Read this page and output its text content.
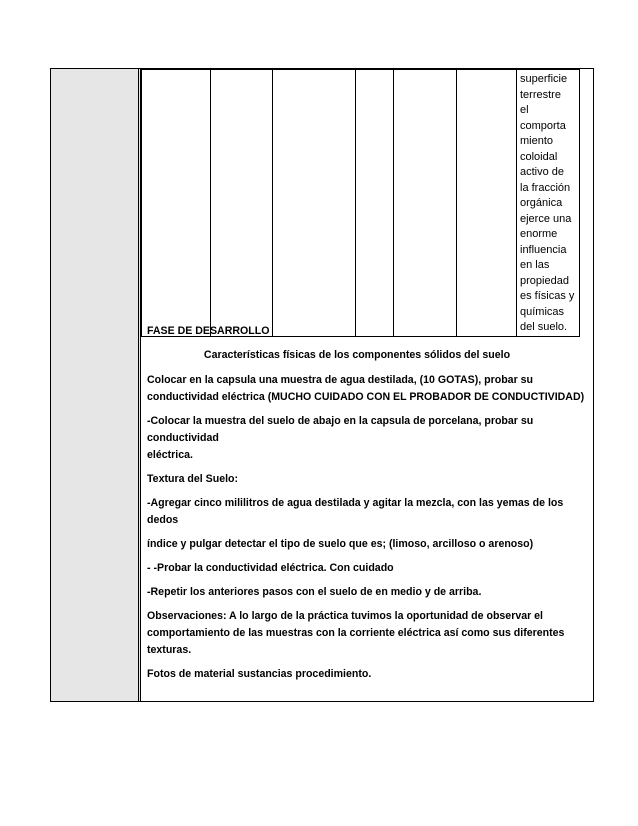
superficie
terrestre
el
comporta
miento
coloidal
activo de
la fracción
orgánica
ejerce una
enorme
influencia
en las
propiedad
es físicas y
químicas
del suelo.
FASE DE DESARROLLO
Características físicas de los componentes sólidos del suelo
Colocar en la capsula una muestra de agua destilada, (10 GOTAS), probar su
conductividad eléctrica (MUCHO CUIDADO CON EL PROBADOR DE CONDUCTIVIDAD)
-Colocar la muestra del suelo de abajo en la capsula de porcelana, probar su conductividad
eléctrica.
Textura del Suelo:
-Agregar cinco mililitros de agua destilada y agitar la mezcla, con las yemas de los dedos
índice y pulgar detectar el tipo de suelo que es; (limoso, arcilloso o arenoso)
- -Probar la conductividad eléctrica. Con cuidado
-Repetir los anteriores pasos con el suelo de en medio y de arriba.
Observaciones: A lo largo de la práctica tuvimos la oportunidad de observar el
comportamiento de las muestras con la corriente eléctrica así como sus diferentes
texturas.
Fotos de material sustancias procedimiento.
